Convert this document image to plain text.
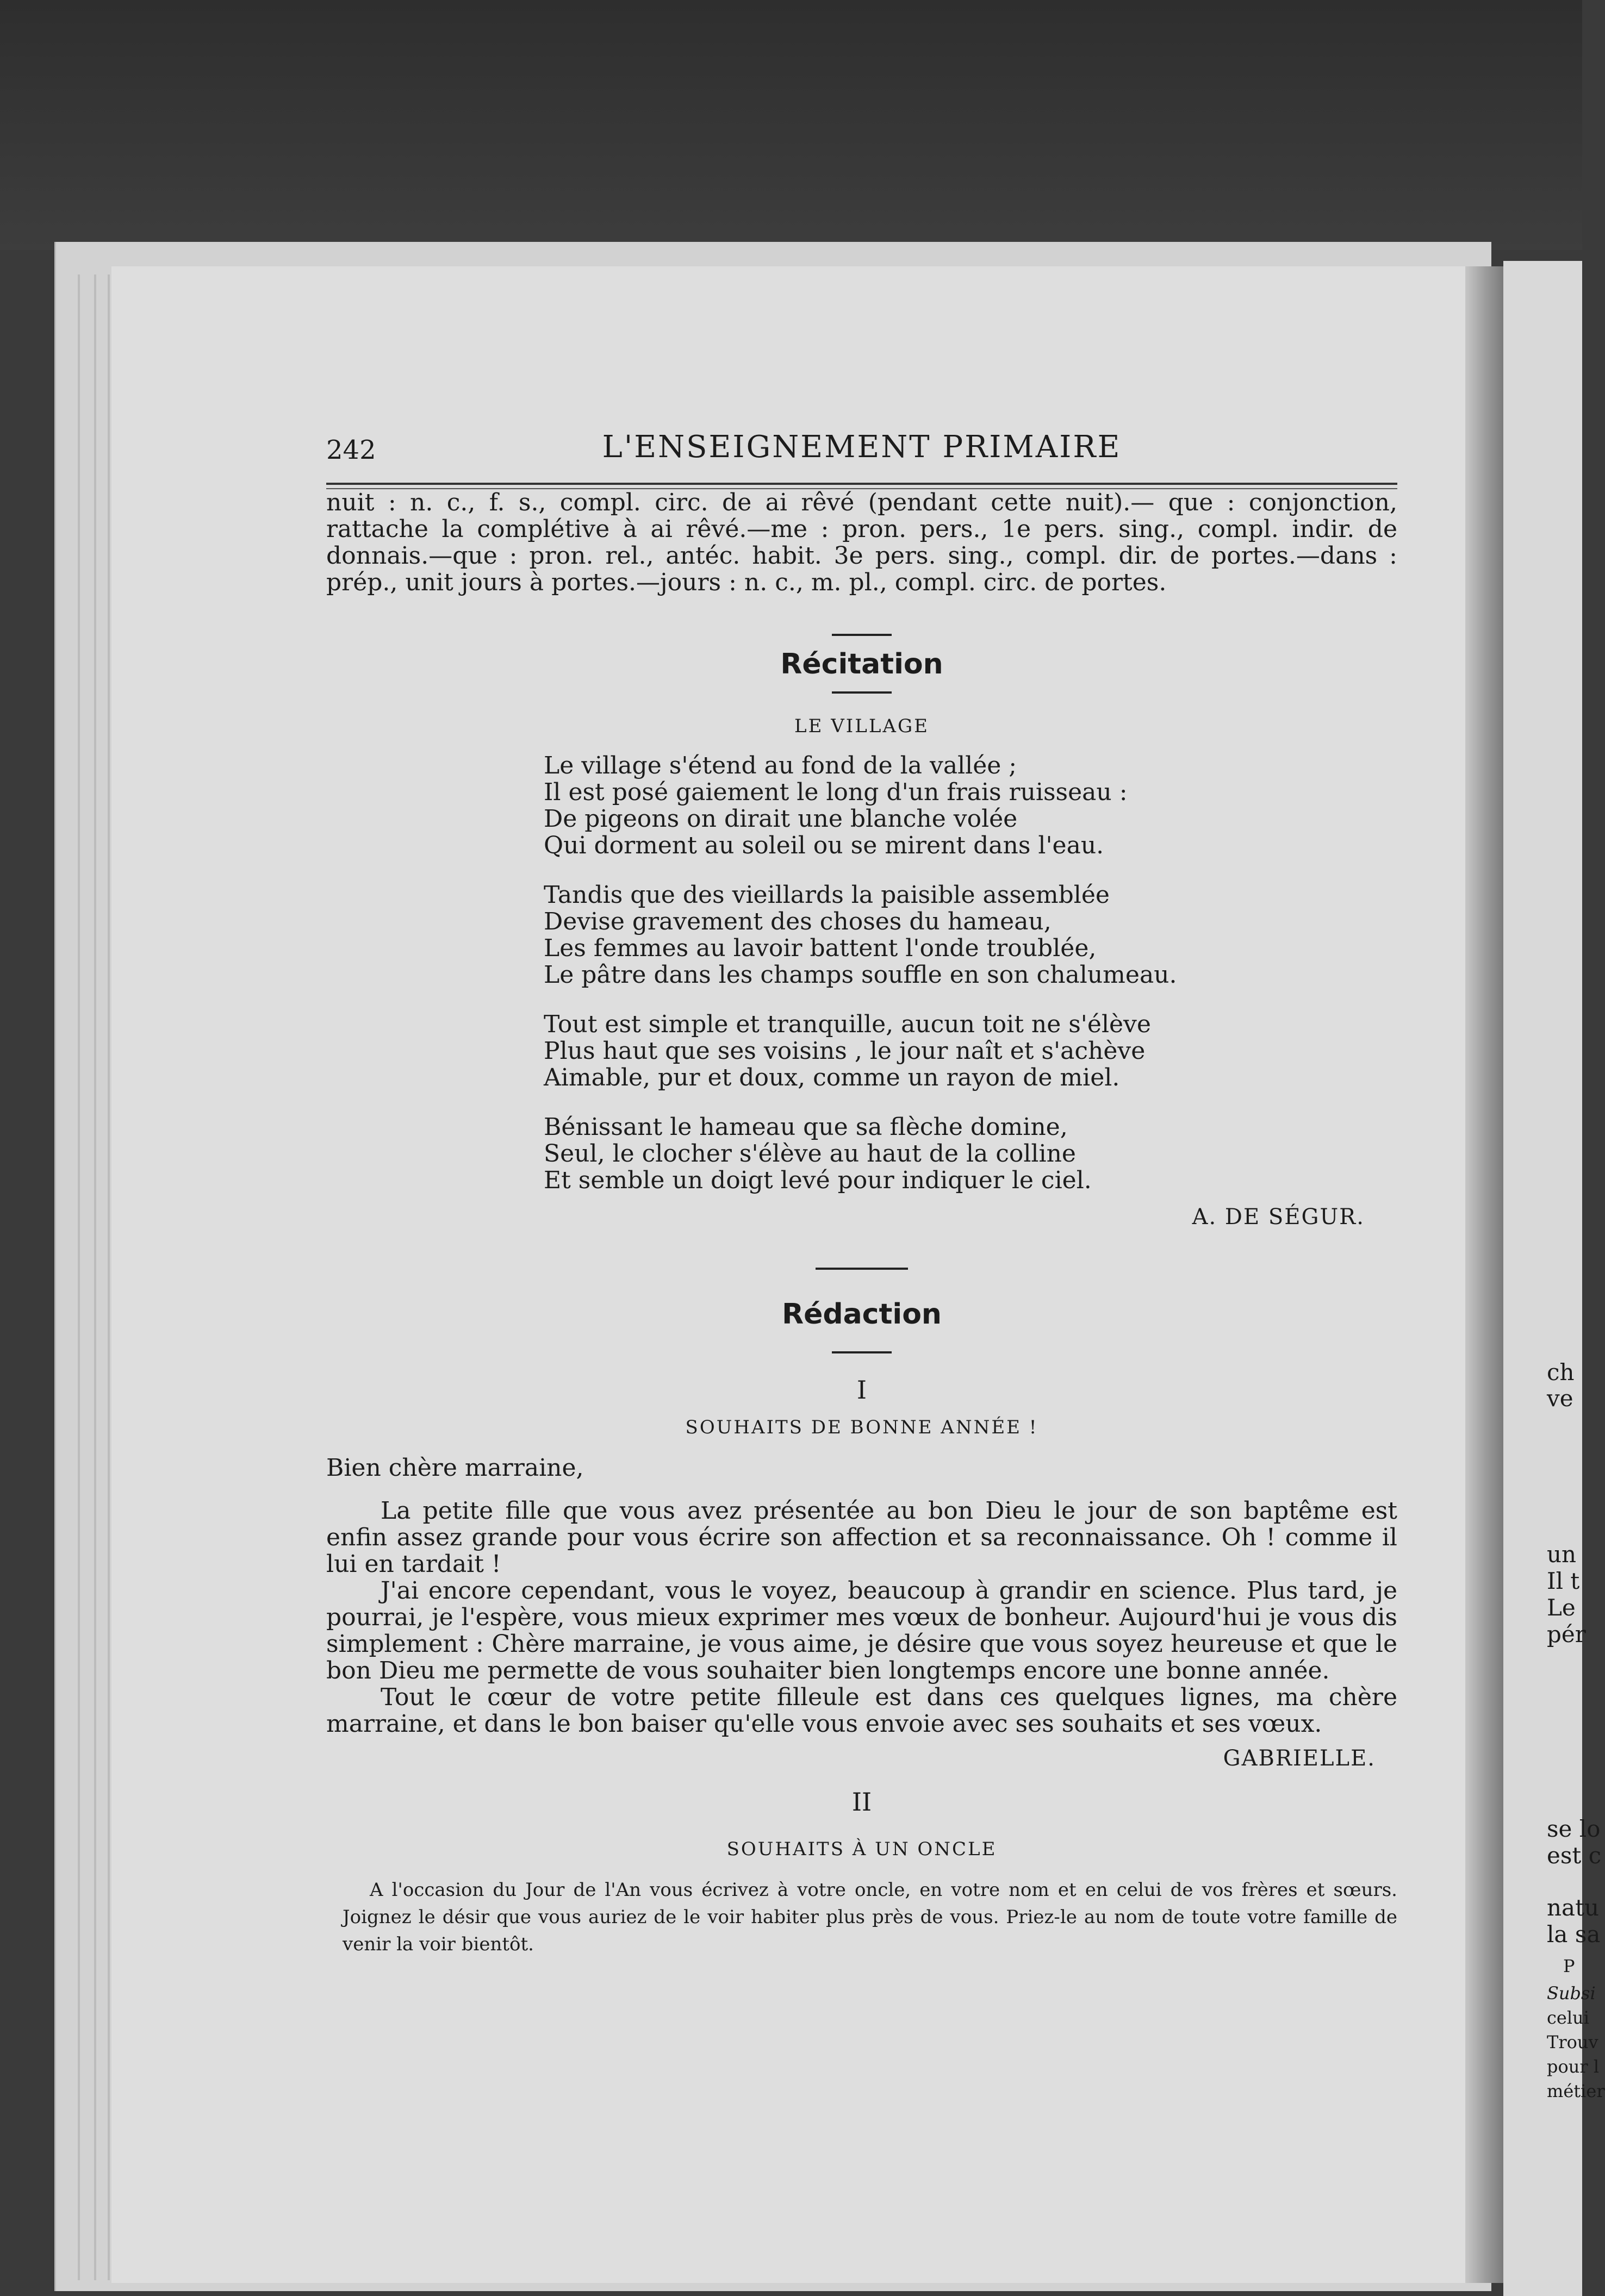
ch
ve
un
Il t
Le
pér
se lo
est c
natu
la sa
P
Subsi
celui
Trouv
pour l
métier
242	L'ENSEIGNEMENT PRIMAIRE

nuit : n. c., f. s., compl. circ. de ai rêvé (pendant cette nuit).— que : conjonction, rattache la complétive à ai rêvé.—me : pron. pers., 1e pers. sing., compl. indir. de donnais.—que : pron. rel., antéc. habit. 3e pers. sing., compl. dir. de portes.—dans : prép., unit jours à portes.—jours : n. c., m. pl., compl. circ. de portes.

Récitation
LE VILLAGE
Le village s'étend au fond de la vallée ;
Il est posé gaiement le long d'un frais ruisseau :
De pigeons on dirait une blanche volée
Qui dorment au soleil ou se mirent dans l'eau.
Tandis que des vieillards la paisible assemblée
Devise gravement des choses du hameau,
Les femmes au lavoir battent l'onde troublée,
Le pâtre dans les champs souffle en son chalumeau.
Tout est simple et tranquille, aucun toit ne s'élève
Plus haut que ses voisins , le jour naît et s'achève
Aimable, pur et doux, comme un rayon de miel.
Bénissant le hameau que sa flèche domine,
Seul, le clocher s'élève au haut de la colline
Et semble un doigt levé pour indiquer le ciel.
A. DE SÉGUR.
Rédaction
I
SOUHAITS DE BONNE ANNÉE !

Bien chère marraine,

La petite fille que vous avez présentée au bon Dieu le jour de son baptême est enfin assez grande pour vous écrire son affection et sa reconnaissance. Oh ! comme il lui en tardait !

J'ai encore cependant, vous le voyez, beaucoup à grandir en science. Plus tard, je pourrai, je l'espère, vous mieux exprimer mes vœux de bonheur. Aujourd'hui je vous dis simplement : Chère marraine, je vous aime, je désire que vous soyez heureuse et que le bon Dieu me permette de vous souhaiter bien longtemps encore une bonne année.

Tout le cœur de votre petite filleule est dans ces quelques lignes, ma chère marraine, et dans le bon baiser qu'elle vous envoie avec ses souhaits et ses vœux.

GABRIELLE.
II
SOUHAITS À UN ONCLE

A l'occasion du Jour de l'An vous écrivez à votre oncle, en votre nom et en celui de vos frères et sœurs. Joignez le désir que vous auriez de le voir habiter plus près de vous. Priez-le au nom de toute votre famille de venir la voir bientôt.
